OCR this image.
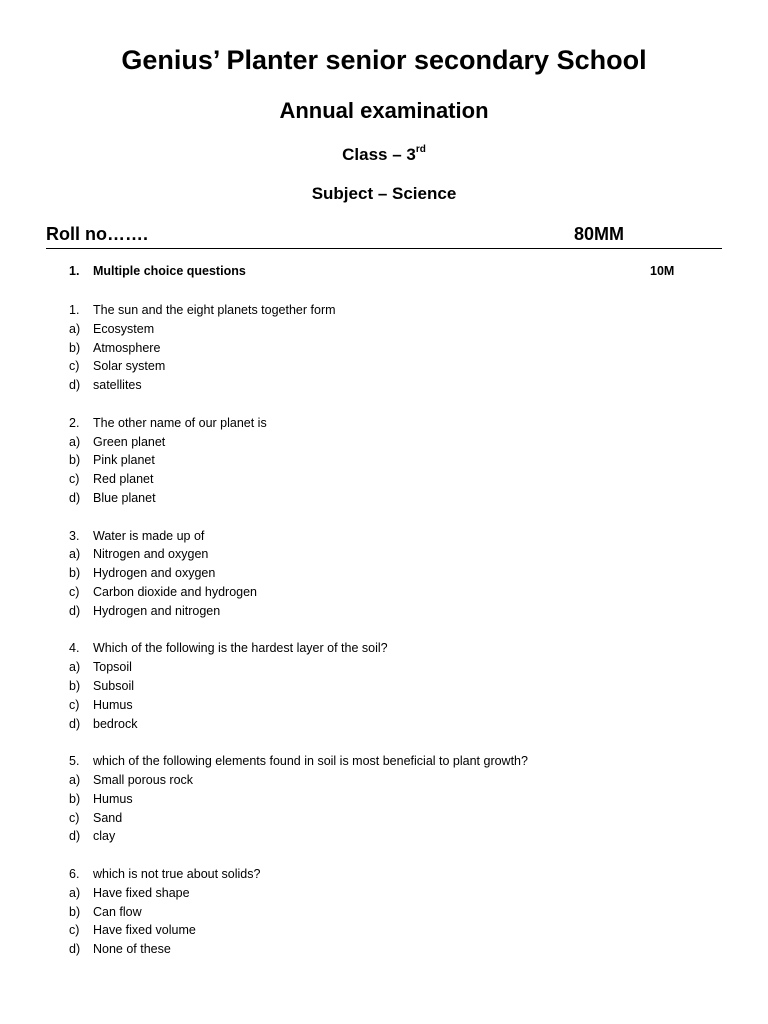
Genius’ Planter senior secondary School
Annual examination
Class – 3rd
Subject – Science
Roll no…….	80MM
1. Multiple choice questions	10M
1. The sun and the eight planets together form
a) Ecosystem
b) Atmosphere
c) Solar system
d) satellites
2. The other name of our planet is
a) Green planet
b) Pink planet
c) Red planet
d) Blue planet
3. Water is made up of
a) Nitrogen and oxygen
b) Hydrogen and oxygen
c) Carbon dioxide and hydrogen
d) Hydrogen and nitrogen
4. Which of the following is the hardest layer of the soil?
a) Topsoil
b) Subsoil
c) Humus
d) bedrock
5. which of the following elements found in soil is most beneficial to plant growth?
a) Small porous rock
b) Humus
c) Sand
d) clay
6. which is not true about solids?
a) Have fixed shape
b) Can flow
c) Have fixed volume
d) None of these
